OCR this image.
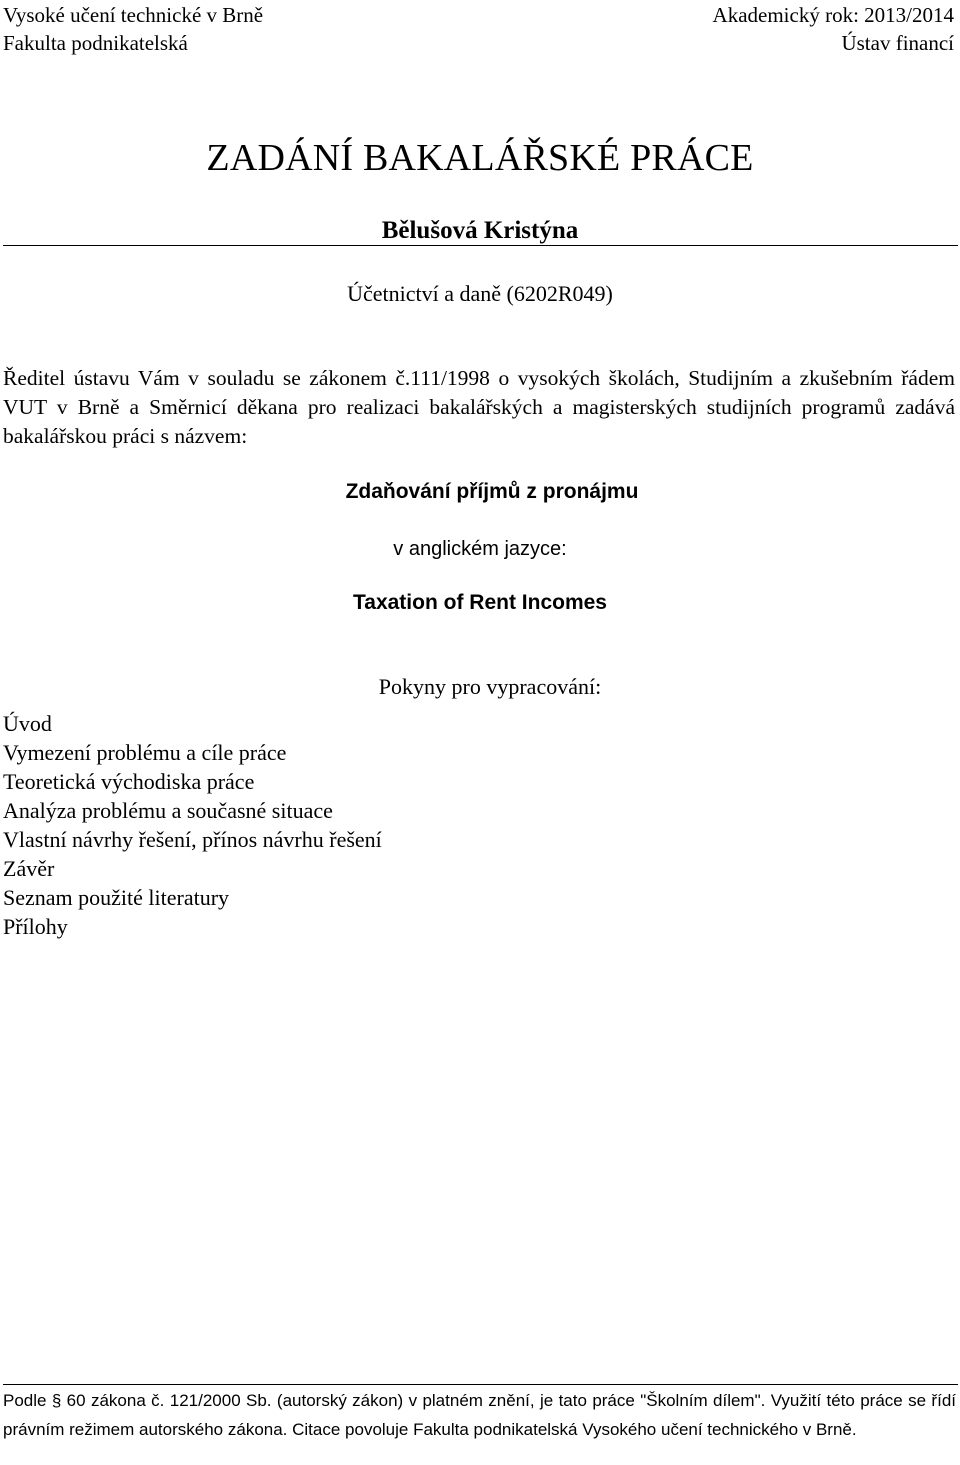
Vysoké učení technické v Brně
Fakulta podnikatelská
Akademický rok: 2013/2014
Ústav financí
ZADÁNÍ BAKALÁŘSKÉ PRÁCE
Bělušová Kristýna
Účetnictví a daně (6202R049)
Ředitel ústavu Vám v souladu se zákonem č.111/1998 o vysokých školách, Studijním a zkušebním řádem VUT v Brně a Směrnicí děkana pro realizaci bakalářských a magisterských studijních programů zadává bakalářskou práci s názvem:
Zdaňování příjmů z pronájmu
v anglickém jazyce:
Taxation of Rent Incomes
Pokyny pro vypracování:
Úvod
Vymezení problému a cíle práce
Teoretická východiska práce
Analýza problému a současné situace
Vlastní návrhy řešení, přínos návrhu řešení
Závěr
Seznam použité literatury
Přílohy
Podle § 60 zákona č. 121/2000 Sb. (autorský zákon) v platném znění, je tato práce "Školním dílem". Využití této práce se řídí právním režimem autorského zákona. Citace povoluje Fakulta podnikatelská Vysokého učení technického v Brně.
